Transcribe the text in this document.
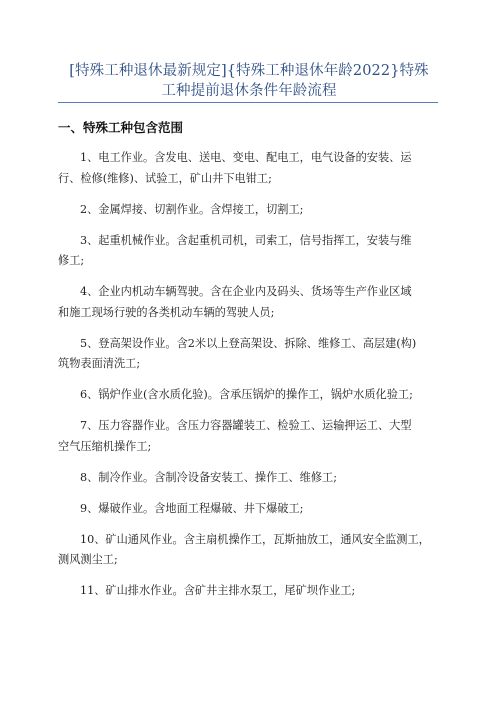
[特殊工种退休最新规定]{特殊工种退休年龄2022}特殊
工种提前退休条件年龄流程
一、特殊工种包含范围
1、电工作业。含发电、送电、变电、配电工，电气设备的安装、运
行、检修(维修)、试验工，矿山井下电钳工;
2、金属焊接、切割作业。含焊接工，切割工;
3、起重机械作业。含起重机司机，司索工，信号指挥工，安装与维
修工;
4、企业内机动车辆驾驶。含在企业内及码头、货场等生产作业区域
和施工现场行驶的各类机动车辆的驾驶人员;
5、登高架设作业。含2米以上登高架设、拆除、维修工、高层建(构)
筑物表面清洗工;
6、锅炉作业(含水质化验)。含承压锅炉的操作工，锅炉水质化验工;
7、压力容器作业。含压力容器罐装工、检验工、运输押运工、大型
空气压缩机操作工;
8、制冷作业。含制冷设备安装工、操作工、维修工;
9、爆破作业。含地面工程爆破、井下爆破工;
10、矿山通风作业。含主扇机操作工，瓦斯抽放工，通风安全监测工，
测风测尘工;
11、矿山排水作业。含矿井主排水泵工，尾矿坝作业工;
